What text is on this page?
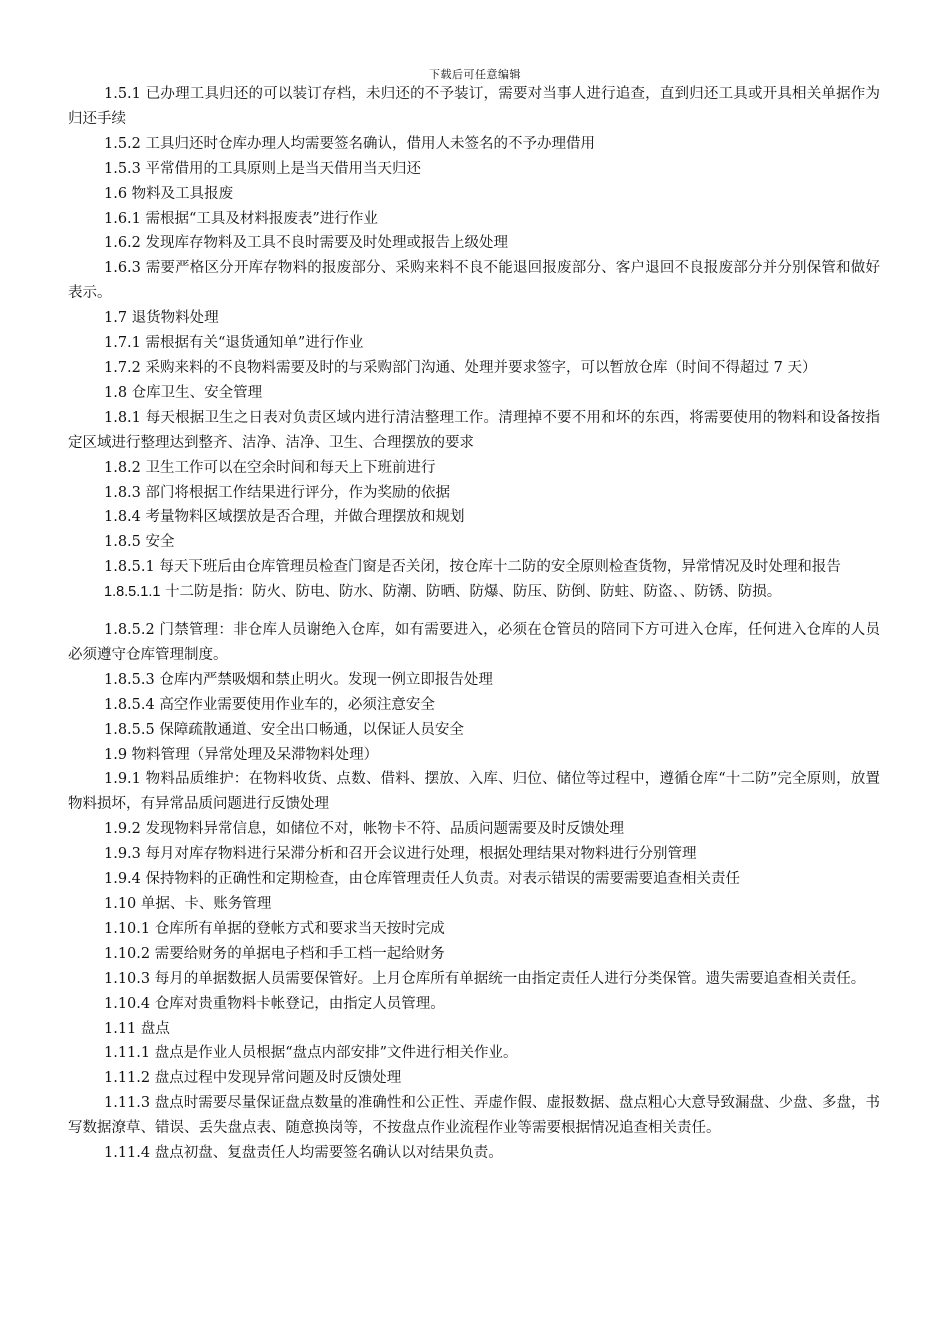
下载后可任意编辑

1.5.1 已办理工具归还的可以装订存档，未归还的不予装订，需要对当事人进行追查，直到归还工具或开具相关单据作为归还手续

1.5.2 工具归还时仓库办理人均需要签名确认，借用人未签名的不予办理借用

1.5.3 平常借用的工具原则上是当天借用当天归还

1.6 物料及工具报废

1.6.1 需根据“工具及材料报废表”进行作业

1.6.2 发现库存物料及工具不良时需要及时处理或报告上级处理

1.6.3 需要严格区分开库存物料的报废部分、采购来料不良不能退回报废部分、客户退回不良报废部分并分别保管和做好表示。

1.7 退货物料处理

1.7.1 需根据有关“退货通知单”进行作业

1.7.2 采购来料的不良物料需要及时的与采购部门沟通、处理并要求签字，可以暂放仓库（时间不得超过 7 天）

1.8 仓库卫生、安全管理

1.8.1 每天根据卫生之日表对负责区域内进行清洁整理工作。清理掉不要不用和坏的东西，将需要使用的物料和设备按指定区域进行整理达到整齐、洁净、洁净、卫生、合理摆放的要求

1.8.2 卫生工作可以在空余时间和每天上下班前进行

1.8.3 部门将根据工作结果进行评分，作为奖励的依据

1.8.4 考量物料区域摆放是否合理，并做合理摆放和规划

1.8.5 安全

1.8.5.1 每天下班后由仓库管理员检查门窗是否关闭，按仓库十二防的安全原则检查货物，异常情况及时处理和报告

1.8.5.1.1 十二防是指：防火、防电、防水、防潮、防晒、防爆、防压、防倒、防蛀、防盗、、防锈、防损。

1.8.5.2 门禁管理：非仓库人员谢绝入仓库，如有需要进入，必须在仓管员的陪同下方可进入仓库，任何进入仓库的人员必须遵守仓库管理制度。

1.8.5.3 仓库内严禁吸烟和禁止明火。发现一例立即报告处理

1.8.5.4 高空作业需要使用作业车的，必须注意安全

1.8.5.5 保障疏散通道、安全出口畅通，以保证人员安全

1.9 物料管理（异常处理及呆滞物料处理）

1.9.1 物料品质维护：在物料收货、点数、借料、摆放、入库、归位、储位等过程中，遵循仓库“十二防”完全原则，放置物料损坏，有异常品质问题进行反馈处理

1.9.2 发现物料异常信息，如储位不对，帐物卡不符、品质问题需要及时反馈处理

1.9.3 每月对库存物料进行呆滞分析和召开会议进行处理，根据处理结果对物料进行分别管理

1.9.4 保持物料的正确性和定期检查，由仓库管理责任人负责。对表示错误的需要需要追查相关责任

1.10 单据、卡、账务管理

1.10.1 仓库所有单据的登帐方式和要求当天按时完成

1.10.2 需要给财务的单据电子档和手工档一起给财务

1.10.3 每月的单据数据人员需要保管好。上月仓库所有单据统一由指定责任人进行分类保管。遗失需要追查相关责任。

1.10.4 仓库对贵重物料卡帐登记，由指定人员管理。

1.11 盘点

1.11.1 盘点是作业人员根据“盘点内部安排”文件进行相关作业。

1.11.2 盘点过程中发现异常问题及时反馈处理

1.11.3 盘点时需要尽量保证盘点数量的准确性和公正性、弄虚作假、虚报数据、盘点粗心大意导致漏盘、少盘、多盘，书写数据潦草、错误、丢失盘点表、随意换岗等，不按盘点作业流程作业等需要根据情况追查相关责任。

1.11.4 盘点初盘、复盘责任人均需要签名确认以对结果负责。
